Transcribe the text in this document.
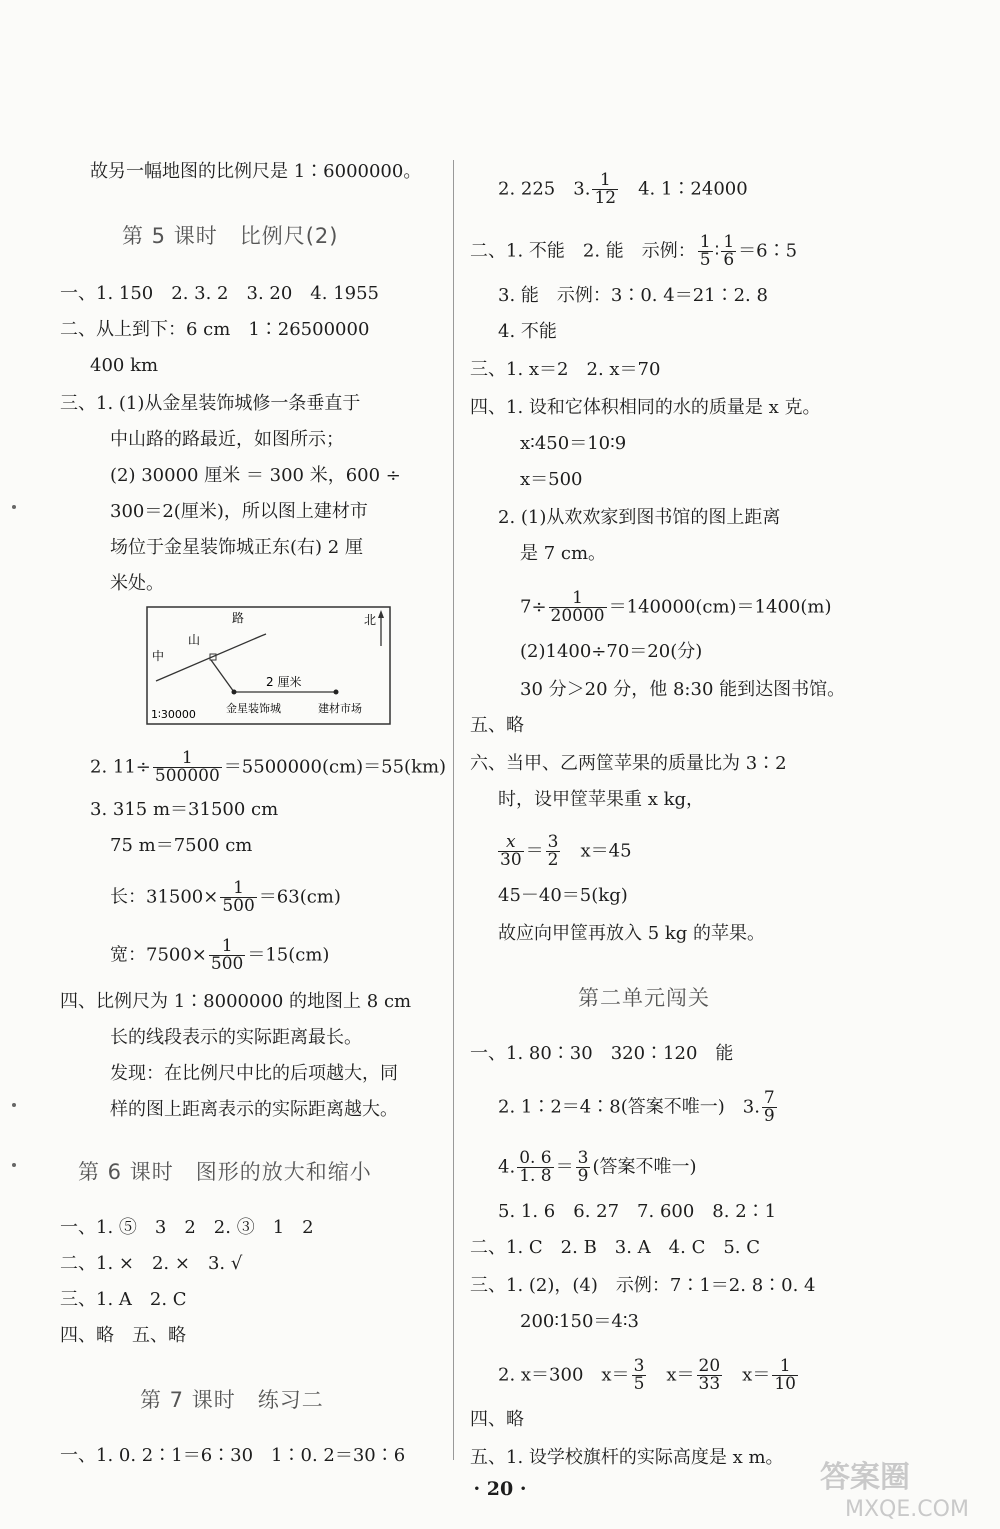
故另一幅地图的比例尺是 1∶6000000。
第 5 课时　比例尺(2)
一、1. 150　2. 3. 2　3. 20　4. 1955
二、从上到下：6 cm　1∶26500000
400 km
三、1. (1)从金星装饰城修一条垂直于
中山路的路最近，如图所示；
(2) 30000 厘米 ＝ 300 米，600 ÷
300＝2(厘米)，所以图上建材市
场位于金星装饰城正东(右) 2 厘
米处。
路
山
中
北
2 厘米
1∶30000	金星装饰城	建材市场
2. $11\div \frac{1}{500000} =5500000(cm)=55(km)$
3. 315 m＝31500 cm
75 m＝7500 cm
长：$31500\times \frac{1}{500} =63(cm)$
宽：$7500\times \frac{1}{500} =15(cm)$
四、比例尺为 1∶8000000 的地图上 8 cm
长的线段表示的实际距离最长。
发现：在比例尺中比的后项越大，同
样的图上距离表示的实际距离越大。
第 6 课时　图形的放大和缩小
一、1. ⑤　3　2　2. ③　1　2
二、1. ×　2. ×　3. √
三、1. A　2. C
四、略　五、略
第 7 课时　练习二
一、1. 0. 2∶1＝6∶30　1∶0. 2＝30∶6
2. 225　3. $\frac{1}{12}$ 　4. 1∶24000
二、1. 不能　2. 能　示例： $\frac{1}{5}$ ∶ $\frac{1}{6}$ ＝6∶5
3. 能　示例：3∶0. 4＝21∶2. 8
4. 不能
三、1. x＝2　2. x＝70
四、1. 设和它体积相同的水的质量是 x 克。
x∶450＝10∶9
x＝500
2. (1)从欢欢家到图书馆的图上距离
是 7 cm。
$7\div \frac{1}{20000} =140000(cm)=1400(m)$
(2)1400÷70＝20(分)
30 分＞20 分，他 8:30 能到达图书馆。
五、略
六、当甲、乙两筐苹果的质量比为 3∶2
时，设甲筐苹果重 x kg，
$\frac{x}{30} = \frac{3}{2}$ 　x＝45
45－40＝5(kg)
故应向甲筐再放入 5 kg 的苹果。
第二单元闯关
一、1. 80∶30　320∶120　能
2. 1∶2＝4∶8(答案不唯一)　3. $\frac{7}{9}$
4. $\frac{0. 6}{1. 8} = \frac{3}{9}$ (答案不唯一)
5. 1. 6　6. 27　7. 600　8. 2∶1
二、1. C　2. B　3. A　4. C　5. C
三、1. (2)，(4)　示例：7∶1＝2. 8∶0. 4
200∶150＝4∶3
2. x＝300　$x= \frac{3}{5}$ 　$x= \frac{20}{33}$ 　$x= \frac{1}{10}$
四、略
五、1. 设学校旗杆的实际高度是 x m。
· 20 ·	答案圈
MXQE.COM
